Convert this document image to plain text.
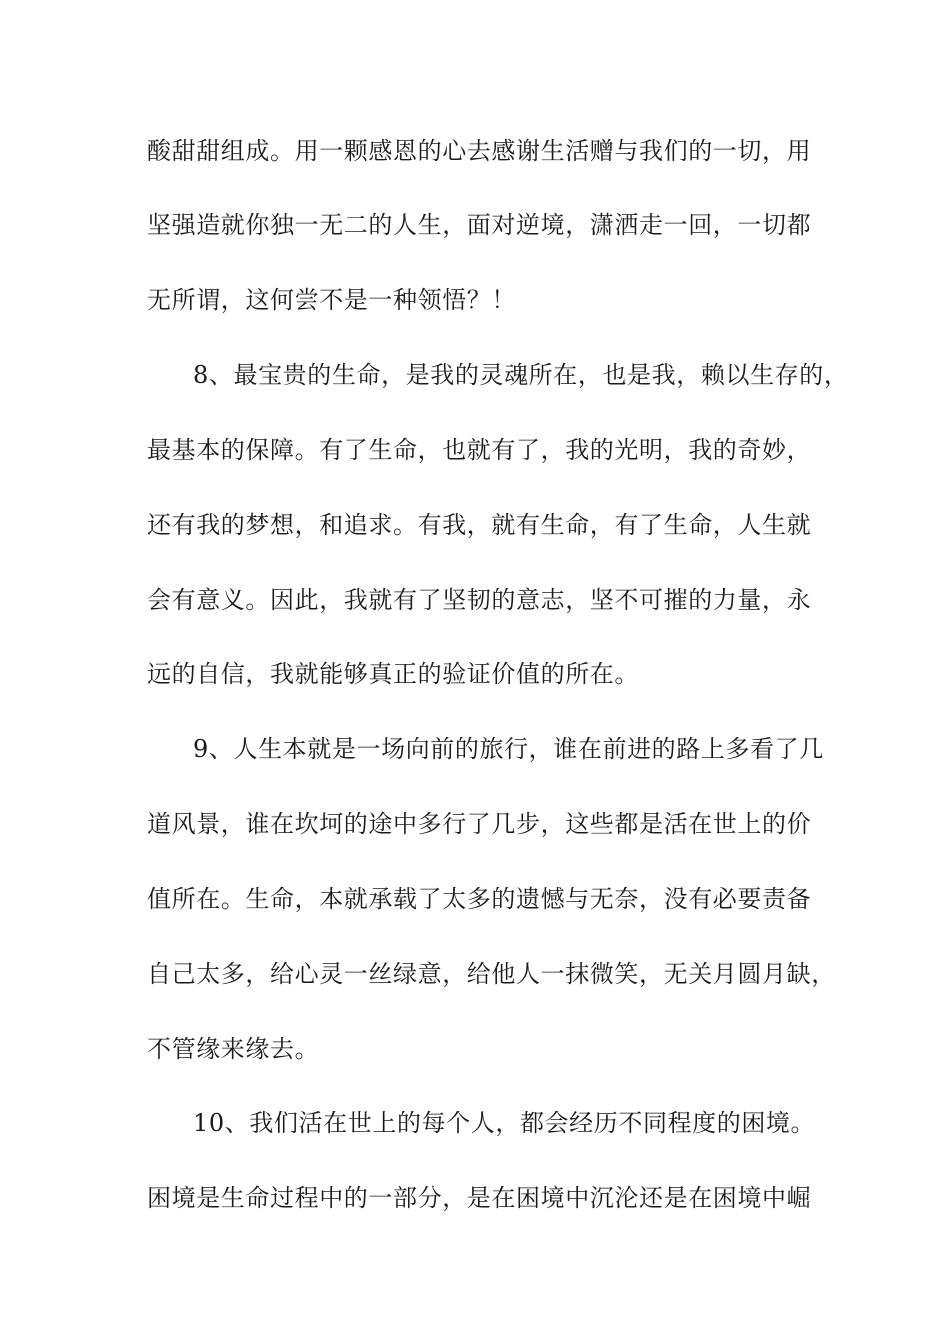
酸甜甜组成。用一颗感恩的心去感谢生活赠与我们的一切，用
坚强造就你独一无二的人生，面对逆境，潇洒走一回，一切都
无所谓，这何尝不是一种领悟？！
8、最宝贵的生命，是我的灵魂所在，也是我，赖以生存的，
最基本的保障。有了生命，也就有了，我的光明，我的奇妙，
还有我的梦想，和追求。有我，就有生命，有了生命，人生就
会有意义。因此，我就有了坚韧的意志，坚不可摧的力量，永
远的自信，我就能够真正的验证价值的所在。
9、人生本就是一场向前的旅行，谁在前进的路上多看了几
道风景，谁在坎坷的途中多行了几步，这些都是活在世上的价
值所在。生命，本就承载了太多的遗憾与无奈，没有必要责备
自己太多，给心灵一丝绿意，给他人一抹微笑，无关月圆月缺，
不管缘来缘去。
10、我们活在世上的每个人，都会经历不同程度的困境。
困境是生命过程中的一部分，是在困境中沉沦还是在困境中崛
